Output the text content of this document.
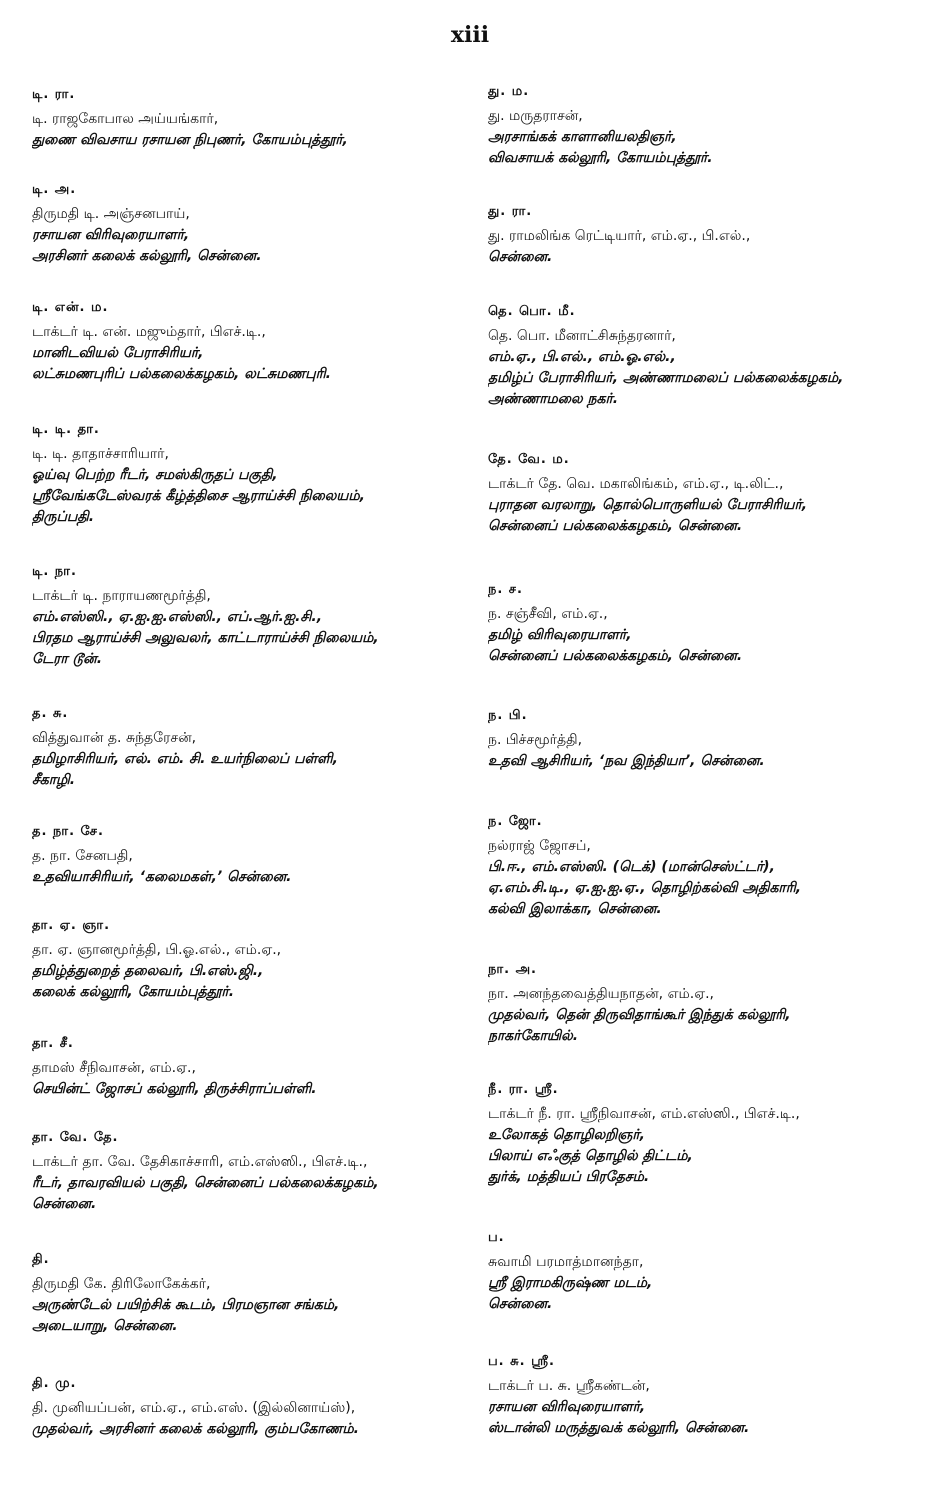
xiii
டி. ரா.
டி. ராஜகோபால அய்யங்கார்,
துணை விவசாய ரசாயன நிபுணர், கோயம்புத்தூர்,
டி. அ.
திருமதி டி. அஞ்சனபாய்,
ரசாயன விரிவுரையாளர்,
அரசினர் கலைக் கல்லூரி, சென்னை.
டி. என். ம.
டாக்டர் டி. என். மஜும்தார், பிஎச்.டி.,
மானிடவியல் பேராசிரியர்,
லட்சுமணபுரிப் பல்கலைக்கழகம், லட்சுமணபுரி.
டி. டி. தா.
டி. டி. தாதாச்சாரியார்,
ஓய்வு பெற்ற ரீடர், சமஸ்கிருதப் பகுதி,
ஸ்ரீவேங்கடேஸ்வரக் கீழ்த்திசை ஆராய்ச்சி நிலையம்,
திருப்பதி.
டி. நா.
டாக்டர் டி. நாராயணமூர்த்தி,
எம்.எஸ்ஸி., ஏ.ஐ.ஐ.எஸ்ஸி., எப்.ஆர்.ஐ.சி.,
பிரதம ஆராய்ச்சி அலுவலர், காட்டாராய்ச்சி நிலையம்,
டேரா டூன்.
த. சு.
வித்துவான் த. சுந்தரேசன்,
தமிழாசிரியர், எல். எம். சி. உயர்நிலைப் பள்ளி,
சீகாழி.
த. நா. சே.
த. நா. சேனபதி,
உதவியாசிரியர், ‘கலைமகள்,’ சென்னை.
தா. ஏ. ஞா.
தா. ஏ. ஞானமூர்த்தி, பி.ஓ.எல்., எம்.ஏ.,
தமிழ்த்துறைத் தலைவர், பி.எஸ்.ஜி.,
கலைக் கல்லூரி, கோயம்புத்தூர்.
தா. சீ.
தாமஸ் சீநிவாசன், எம்.ஏ.,
செயின்ட் ஜோசப் கல்லூரி, திருச்சிராப்பள்ளி.
தா. வே. தே.
டாக்டர் தா. வே. தேசிகாச்சாரி, எம்.எஸ்ஸி., பிஎச்.டி.,
ரீடர், தாவரவியல் பகுதி, சென்னைப் பல்கலைக்கழகம்,
சென்னை.
தி.
திருமதி கே. திரிலோகேக்கர்,
அருண்டேல் பயிற்சிக் கூடம், பிரமஞான சங்கம்,
அடையாறு, சென்னை.
தி. மு.
தி. முனியப்பன், எம்.ஏ., எம்.எஸ். (இல்லினாய்ஸ்),
முதல்வர், அரசினர் கலைக் கல்லூரி, கும்பகோணம்.
து. ம.
து. மருதராசன்,
அரசாங்கக் காளானியலதிஞர்,
விவசாயக் கல்லூரி, கோயம்புத்தூர்.
து. ரா.
து. ராமலிங்க ரெட்டியார், எம்.ஏ., பி.எல்.,
சென்னை.
தெ. பொ. மீ.
தெ. பொ. மீனாட்சிசுந்தரனார்,
எம்.ஏ., பி.எல்., எம்.ஓ.எல்.,
தமிழ்ப் பேராசிரியர், அண்ணாமலைப் பல்கலைக்கழகம்,
அண்ணாமலை நகர்.
தே. வே. ம.
டாக்டர் தே. வெ. மகாலிங்கம், எம்.ஏ., டி.லிட்.,
புராதன வரலாறு, தொல்பொருளியல் பேராசிரியர்,
சென்னைப் பல்கலைக்கழகம், சென்னை.
ந. ச.
ந. சஞ்சீவி, எம்.ஏ.,
தமிழ் விரிவுரையாளர்,
சென்னைப் பல்கலைக்கழகம், சென்னை.
ந. பி.
ந. பிச்சமூர்த்தி,
உதவி ஆசிரியர், ‘நவ இந்தியா’, சென்னை.
ந. ஜோ.
நல்ராஜ் ஜோசப்,
பி.ஈ., எம்.எஸ்ஸி. (டெக்) (மான்செஸ்ட்டர்),
ஏ.எம்.சி.டி., ஏ.ஐ.ஐ.ஏ., தொழிற்கல்வி அதிகாரி,
கல்வி இலாக்கா, சென்னை.
நா. அ.
நா. அனந்தவைத்தியநாதன், எம்.ஏ.,
முதல்வர், தென் திருவிதாங்கூர் இந்துக் கல்லூரி,
நாகர்கோயில்.
நீ. ரா. ஸ்ரீ.
டாக்டர் நீ. ரா. ஸ்ரீநிவாசன், எம்.எஸ்ஸி., பிஎச்.டி.,
உலோகத் தொழிலறிஞர்,
பிலாய் எஃகுத் தொழில் திட்டம்,
துர்க், மத்தியப் பிரதேசம்.
ப.
சுவாமி பரமாத்மானந்தா,
ஸ்ரீ இராமகிருஷ்ண மடம்,
சென்னை.
ப. சு. ஸ்ரீ.
டாக்டர் ப. சு. ஸ்ரீகண்டன்,
ரசாயன விரிவுரையாளர்,
ஸ்டான்லி மருத்துவக் கல்லூரி, சென்னை.
